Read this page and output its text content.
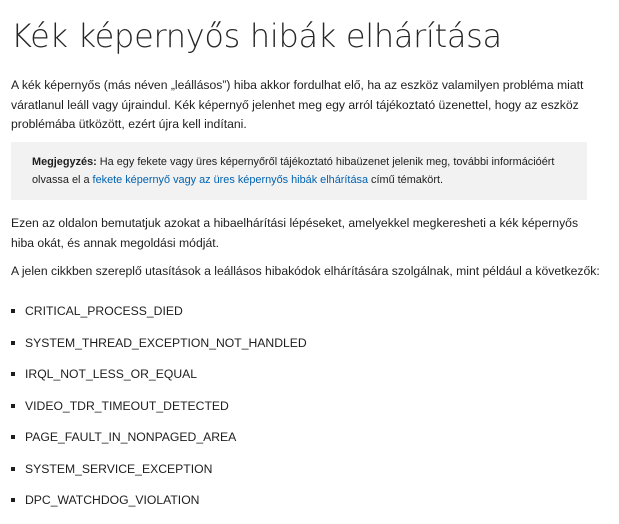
Kék képernyős hibák elhárítása

A kék képernyős (más néven „leállásos”) hiba akkor fordulhat elő, ha az eszköz valamilyen probléma miatt váratlanul leáll vagy újraindul. Kék képernyő jelenhet meg egy arról tájékoztató üzenettel, hogy az eszköz problémába ütközött, ezért újra kell indítani.

Megjegyzés: Ha egy fekete vagy üres képernyőről tájékoztató hibaüzenet jelenik meg, további információért olvassa el a fekete képernyő vagy az üres képernyős hibák elhárítása című témakört.

Ezen az oldalon bemutatjuk azokat a hibaelhárítási lépéseket, amelyekkel megkeresheti a kék képernyős hiba okát, és annak megoldási módját.

A jelen cikkben szereplő utasítások a leállásos hibakódok elhárítására szolgálnak, mint például a következők:

CRITICAL_PROCESS_DIED
SYSTEM_THREAD_EXCEPTION_NOT_HANDLED
IRQL_NOT_LESS_OR_EQUAL
VIDEO_TDR_TIMEOUT_DETECTED
PAGE_FAULT_IN_NONPAGED_AREA
SYSTEM_SERVICE_EXCEPTION
DPC_WATCHDOG_VIOLATION
